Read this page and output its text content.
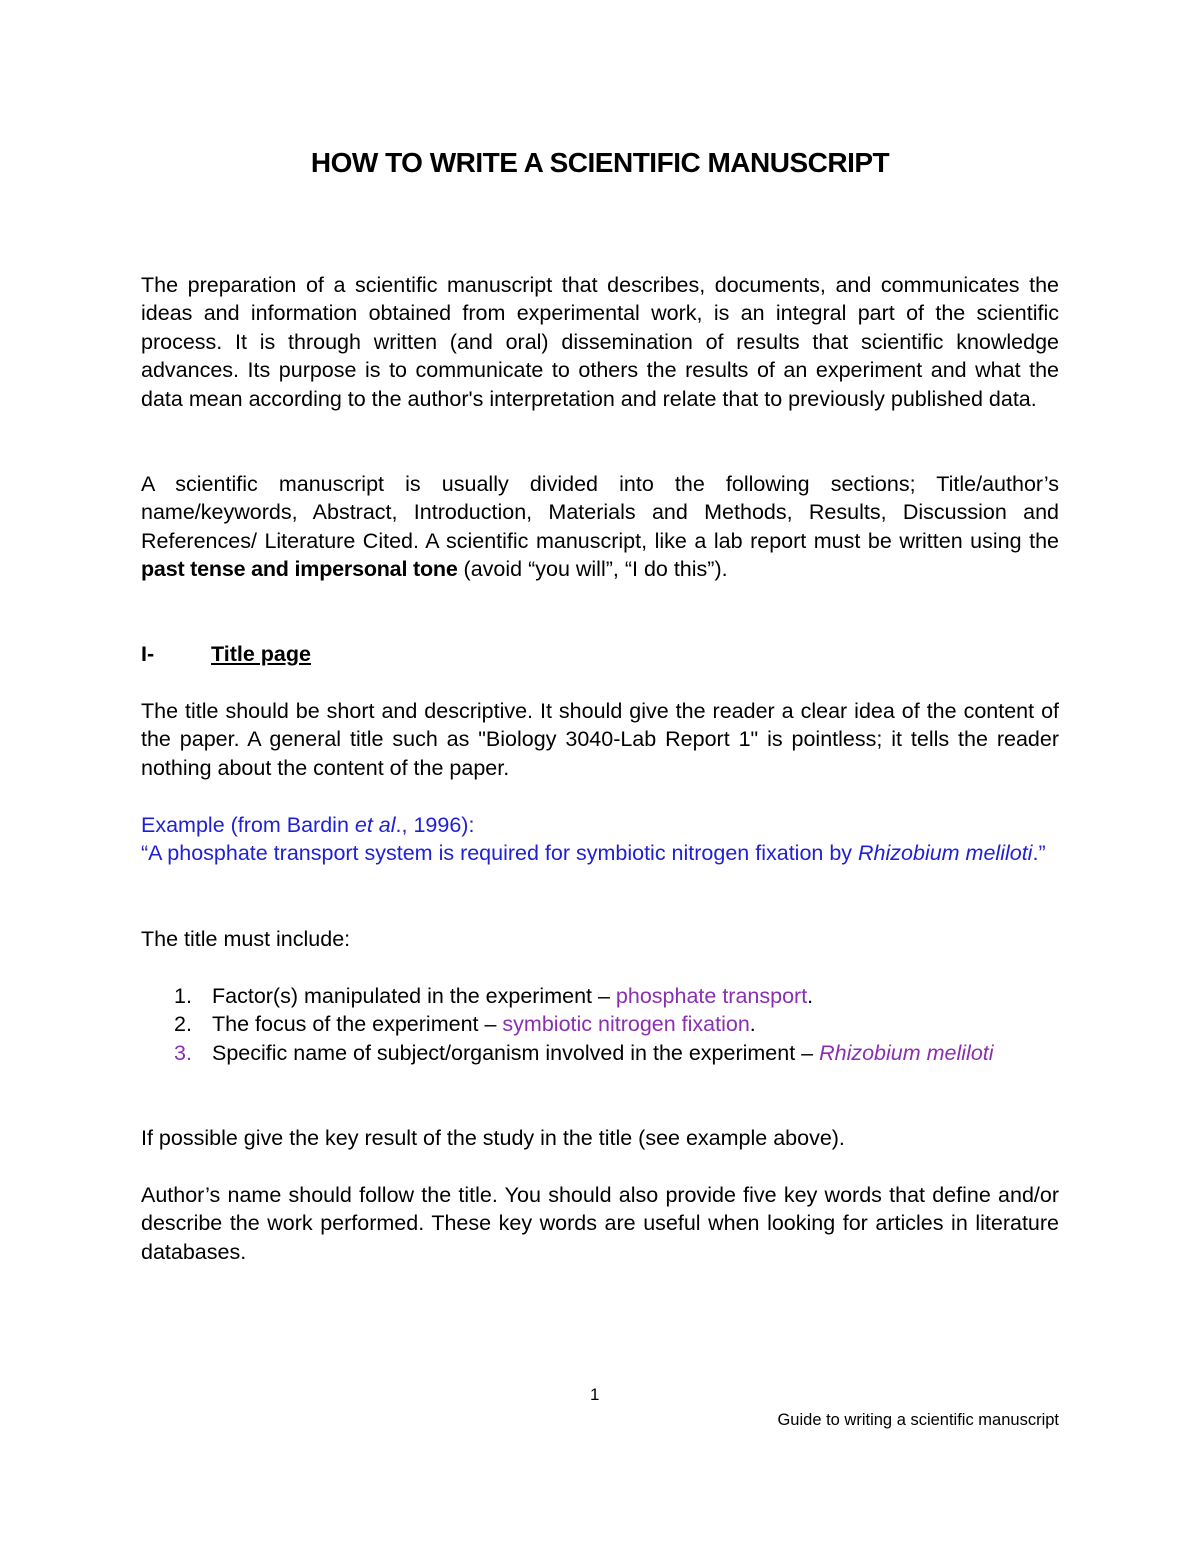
HOW TO WRITE A SCIENTIFIC MANUSCRIPT

The preparation of a scientific manuscript that describes, documents, and communicates the ideas and information obtained from experimental work, is an integral part of the scientific process. It is through written (and oral) dissemination of results that scientific knowledge advances. Its purpose is to communicate to others the results of an experiment and what the data mean according to the author's interpretation and relate that to previously published data.

A scientific manuscript is usually divided into the following sections; Title/author’s name/keywords, Abstract, Introduction, Materials and Methods, Results, Discussion and References/ Literature Cited. A scientific manuscript, like a lab report must be written using the past tense and impersonal tone (avoid “you will”, “I do this”).

I-	Title page

The title should be short and descriptive. It should give the reader a clear idea of the content of the paper. A general title such as "Biology 3040-Lab Report 1" is pointless; it tells the reader nothing about the content of the paper.

Example (from Bardin et al., 1996):
“A phosphate transport system is required for symbiotic nitrogen fixation by Rhizobium meliloti.”

The title must include:

1. Factor(s) manipulated in the experiment – phosphate transport.
2. The focus of the experiment – symbiotic nitrogen fixation.
3. Specific name of subject/organism involved in the experiment – Rhizobium meliloti

If possible give the key result of the study in the title (see example above).

Author’s name should follow the title. You should also provide five key words that define and/or describe the work performed. These key words are useful when looking for articles in literature databases.

1
Guide to writing a scientific manuscript
